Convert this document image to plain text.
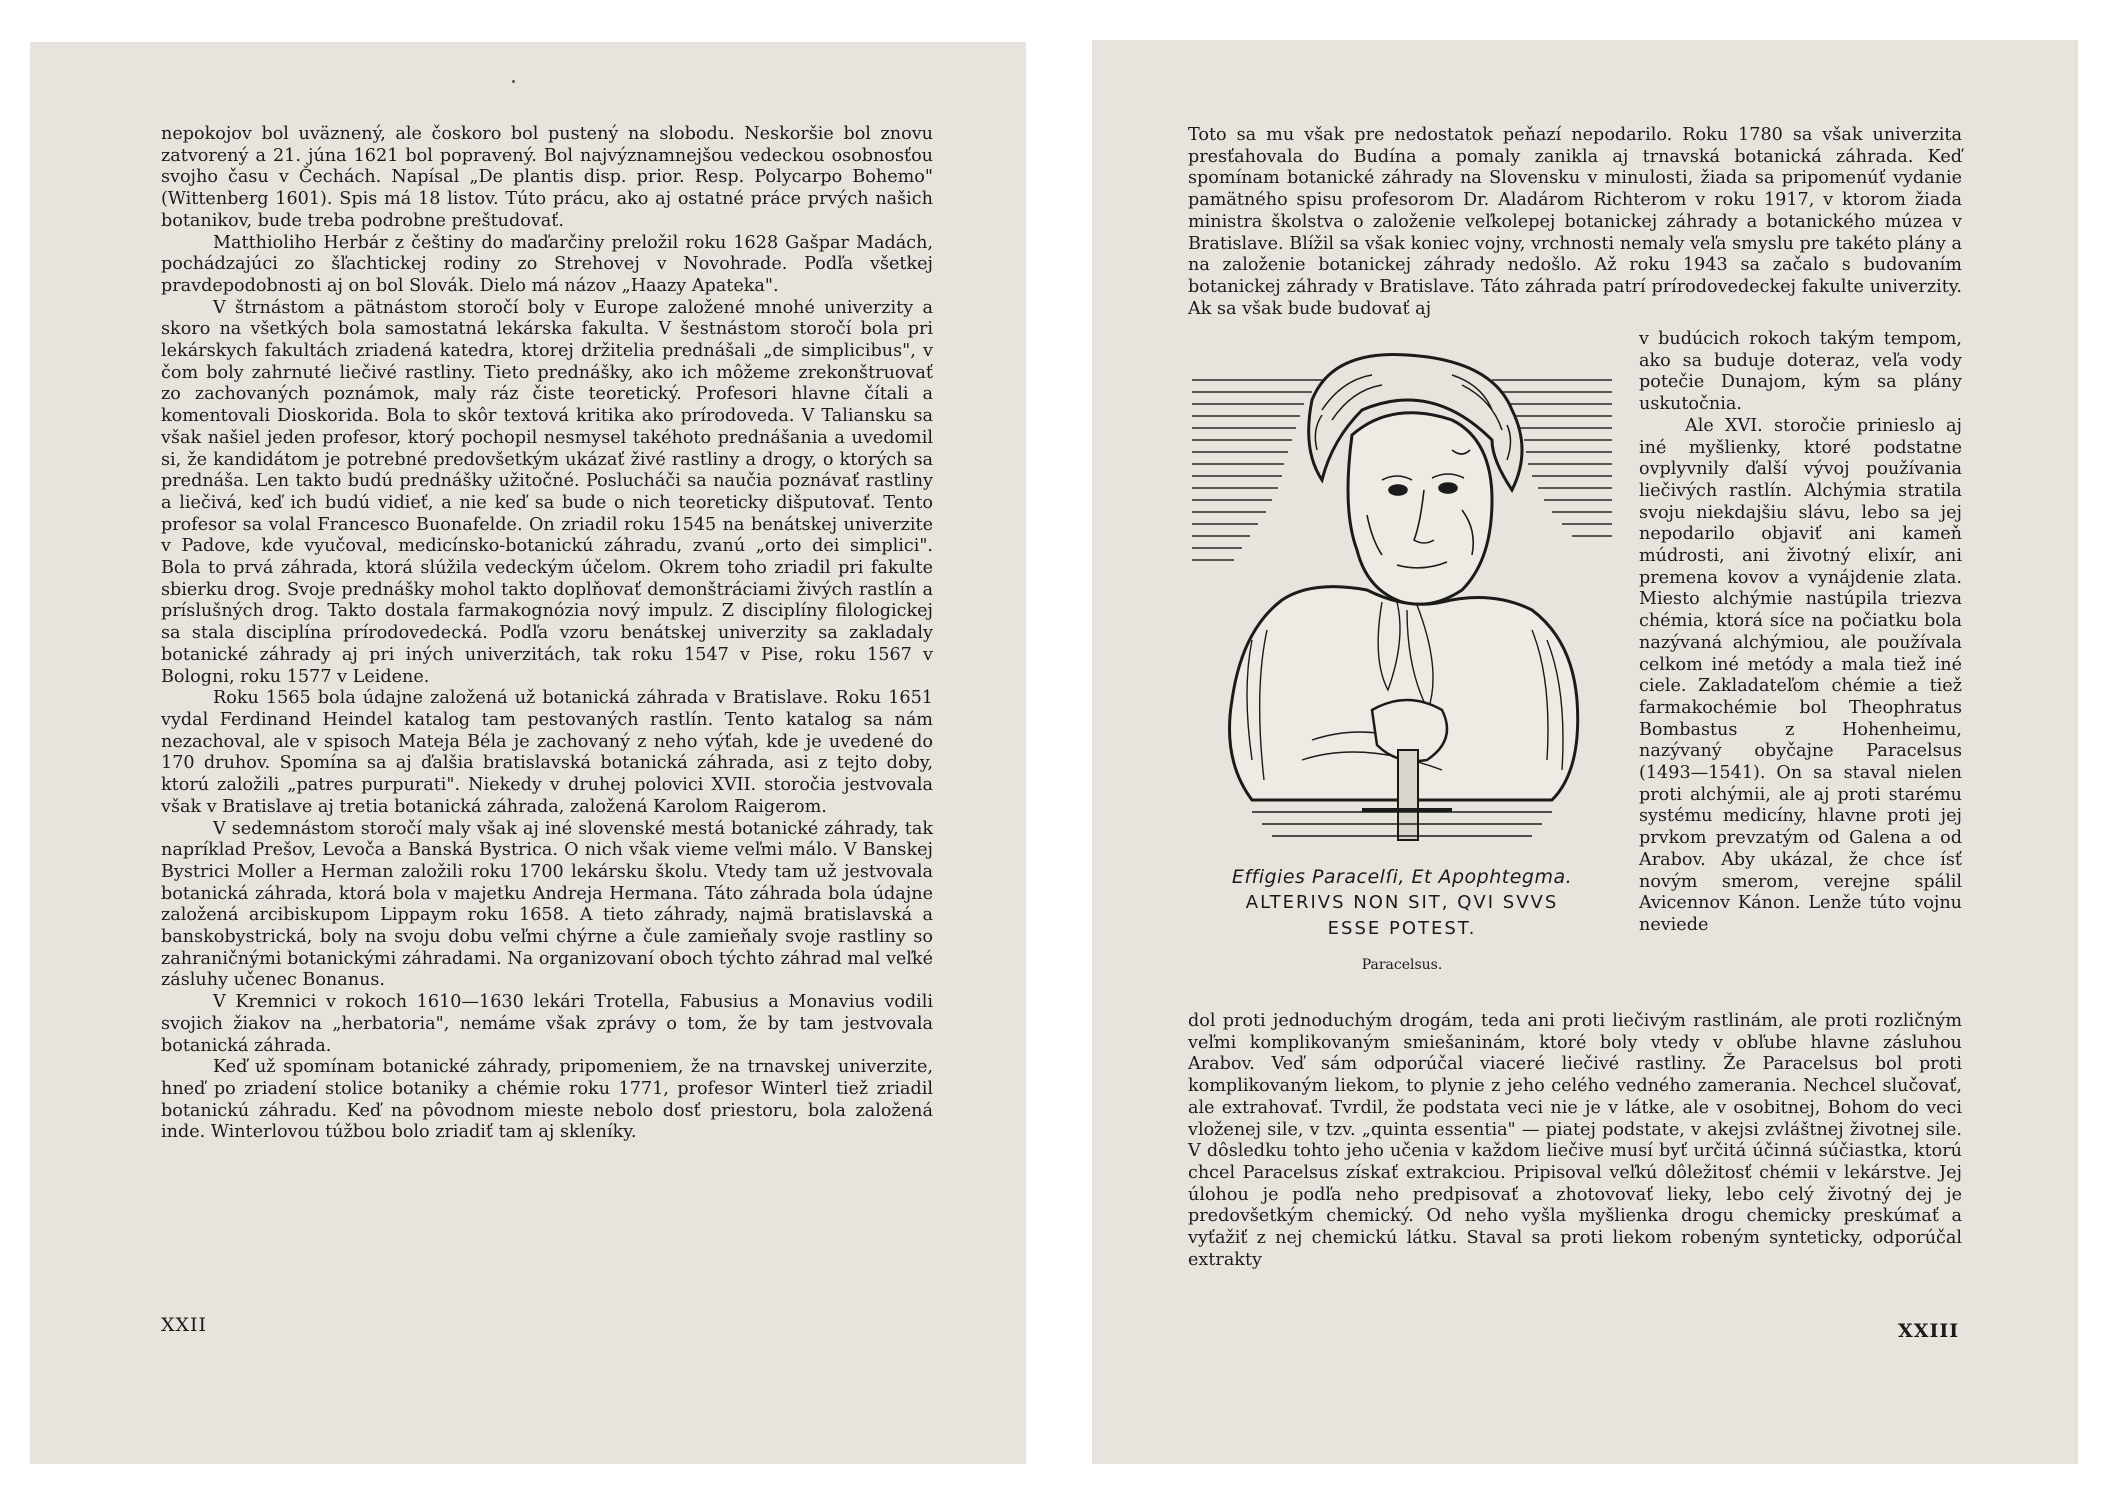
nepokojov bol uväznený, ale čoskoro bol pustený na slobodu. Neskoršie bol znovu zatvorený a 21. júna 1621 bol popravený. Bol najvýznamnejšou vedeckou osobnosťou svojho času v Čechách. Napísal „De plantis disp. prior. Resp. Polycarpo Bohemo" (Wittenberg 1601). Spis má 18 listov. Túto prácu, ako aj ostatné práce prvých našich botanikov, bude treba podrobne preštudovať.

Matthioliho Herbár z češtiny do maďarčiny preložil roku 1628 Gašpar Madách, pochádzajúci zo šľachtickej rodiny zo Strehovej v Novohrade. Podľa všetkej pravdepodobnosti aj on bol Slovák. Dielo má názov „Haazy Apateka".

V štrnástom a pätnástom storočí boly v Europe založené mnohé univerzity a skoro na všetkých bola samostatná lekárska fakulta. V šestnástom storočí bola pri lekárskych fakultách zriadená katedra, ktorej držitelia prednášali „de simplicibus", v čom boly zahrnuté liečivé rastliny. Tieto prednášky, ako ich môžeme zrekonštruovať zo zachovaných poznámok, maly ráz čiste teoretický. Profesori hlavne čítali a komentovali Dioskorida. Bola to skôr textová kritika ako prírodoveda. V Taliansku sa však našiel jeden profesor, ktorý pochopil nesmysel takéhoto prednášania a uvedomil si, že kandidátom je potrebné predovšetkým ukázať živé rastliny a drogy, o ktorých sa prednáša. Len takto budú prednášky užitočné. Poslucháči sa naučia poznávať rastliny a liečivá, keď ich budú vidieť, a nie keď sa bude o nich teoreticky dišputovať. Tento profesor sa volal Francesco Buonafelde. On zriadil roku 1545 na benátskej univerzite v Padove, kde vyučoval, medicínsko-botanickú záhradu, zvanú „orto dei simplici". Bola to prvá záhrada, ktorá slúžila vedeckým účelom. Okrem toho zriadil pri fakulte sbierku drog. Svoje prednášky mohol takto doplňovať demonštráciami živých rastlín a príslušných drog. Takto dostala farmakognózia nový impulz. Z disciplíny filologickej sa stala disciplína prírodovedecká. Podľa vzoru benátskej univerzity sa zakladaly botanické záhrady aj pri iných univerzitách, tak roku 1547 v Pise, roku 1567 v Bologni, roku 1577 v Leidene.

Roku 1565 bola údajne založená už botanická záhrada v Bratislave. Roku 1651 vydal Ferdinand Heindel katalog tam pestovaných rastlín. Tento katalog sa nám nezachoval, ale v spisoch Mateja Béla je zachovaný z neho výťah, kde je uvedené do 170 druhov. Spomína sa aj ďalšia bratislavská botanická záhrada, asi z tejto doby, ktorú založili „patres purpurati". Niekedy v druhej polovici XVII. storočia jestvovala však v Bratislave aj tretia botanická záhrada, založená Karolom Raigerom.

V sedemnástom storočí maly však aj iné slovenské mestá botanické záhrady, tak napríklad Prešov, Levoča a Banská Bystrica. O nich však vieme veľmi málo. V Banskej Bystrici Moller a Herman založili roku 1700 lekársku školu. Vtedy tam už jestvovala botanická záhrada, ktorá bola v majetku Andreja Hermana. Táto záhrada bola údajne založená arcibiskupom Lippaym roku 1658. A tieto záhrady, najmä bratislavská a banskobystrická, boly na svoju dobu veľmi chýrne a čule zamieňaly svoje rastliny so zahraničnými botanickými záhradami. Na organizovaní oboch týchto záhrad mal veľké zásluhy učenec Bonanus.

V Kremnici v rokoch 1610—1630 lekári Trotella, Fabusius a Monavius vodili svojich žiakov na „herbatoria", nemáme však zprávy o tom, že by tam jestvovala botanická záhrada.

Keď už spomínam botanické záhrady, pripomeniem, že na trnavskej univerzite, hneď po zriadení stolice botaniky a chémie roku 1771, profesor Winterl tiež zriadil botanickú záhradu. Keď na pôvodnom mieste nebolo dosť priestoru, bola založená inde. Winterlovou túžbou bolo zriadiť tam aj skleníky.

XXII

Toto sa mu však pre nedostatok peňazí nepodarilo. Roku 1780 sa však univerzita presťahovala do Budína a pomaly zanikla aj trnavská botanická záhrada. Keď spomínam botanické záhrady na Slovensku v minulosti, žiada sa pripomenúť vydanie pamätného spisu profesorom Dr. Aladárom Richterom v roku 1917, v ktorom žiada ministra školstva o založenie veľkolepej botanickej záhrady a botanického múzea v Bratislave. Blížil sa však koniec vojny, vrchnosti nemaly veľa smyslu pre takéto plány a na založenie botanickej záhrady nedošlo. Až roku 1943 sa začalo s budovaním botanickej záhrady v Bratislave. Táto záhrada patrí prírodovedeckej fakulte univerzity. Ak sa však bude budovať aj

Effigies Paracelſi, Et Apophtegma.
ALTERIVS NON SIT, QVI SVVS
ESSE POTEST.
Paracelsus.

v budúcich rokoch takým tempom, ako sa buduje doteraz, veľa vody potečie Dunajom, kým sa plány uskutočnia.

Ale XVI. storočie prinieslo aj iné myšlienky, ktoré podstatne ovplyvnily ďalší vývoj používania liečivých rastlín. Alchýmia stratila svoju niekdajšiu slávu, lebo sa jej nepodarilo objaviť ani kameň múdrosti, ani životný elixír, ani premena kovov a vynájdenie zlata. Miesto alchýmie nastúpila triezva chémia, ktorá síce na počiatku bola nazývaná alchýmiou, ale používala celkom iné metódy a mala tiež iné ciele. Zakladateľom chémie a tiež farmakochémie bol Theophratus Bombastus z Hohenheimu, nazývaný obyčajne Paracelsus (1493—1541). On sa staval nielen proti alchýmii, ale aj proti starému systému medicíny, hlavne proti jej prvkom prevzatým od Galena a od Arabov. Aby ukázal, že chce ísť novým smerom, verejne spálil Avicennov Kánon. Lenže túto vojnu neviede

dol proti jednoduchým drogám, teda ani proti liečivým rastlinám, ale proti rozličným veľmi komplikovaným smiešaninám, ktoré boly vtedy v obľube hlavne zásluhou Arabov. Veď sám odporúčal viaceré liečivé rastliny. Že Paracelsus bol proti komplikovaným liekom, to plynie z jeho celého vedného zamerania. Nechcel slučovať, ale extrahovať. Tvrdil, že podstata veci nie je v látke, ale v osobitnej, Bohom do veci vloženej sile, v tzv. „quinta essentia" — piatej podstate, v akejsi zvláštnej životnej sile. V dôsledku tohto jeho učenia v každom liečive musí byť určitá účinná súčiastka, ktorú chcel Paracelsus získať extrakciou. Pripisoval veľkú dôležitosť chémii v lekárstve. Jej úlohou je podľa neho predpisovať a zhotovovať lieky, lebo celý životný dej je predovšetkým chemický. Od neho vyšla myšlienka drogu chemicky preskúmať a vyťažiť z nej chemickú látku. Staval sa proti liekom robeným synteticky, odporúčal extrakty

XXIII
